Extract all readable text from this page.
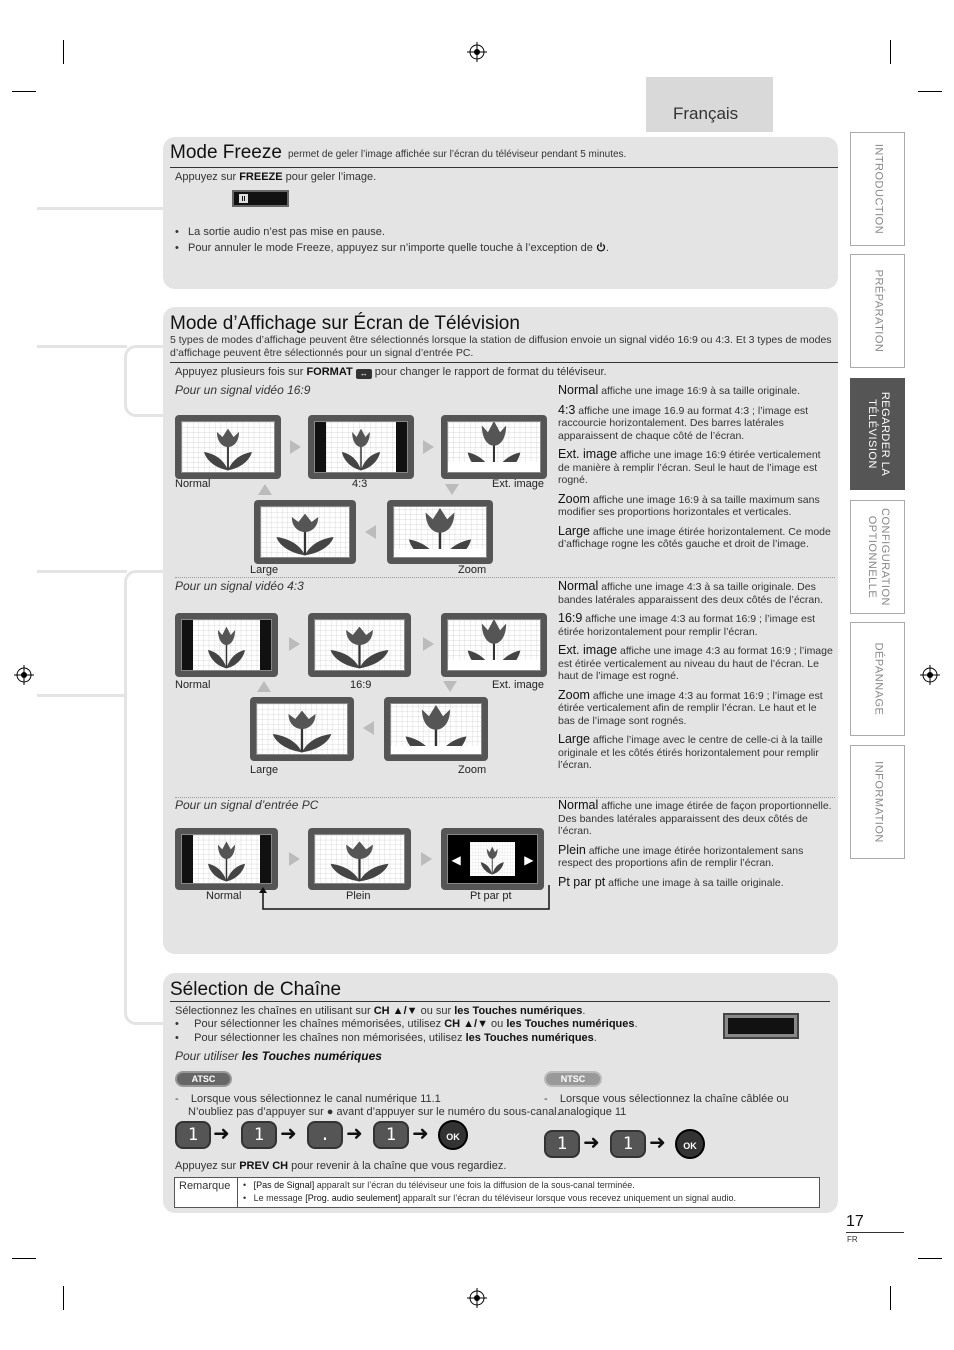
Français
INTRODUCTION
PRÉPARATION
REGARDER LA TÉLÉVISION
CONFIGURATION OPTIONNELLE
DÉPANNAGE
INFORMATION
Mode Freeze permet de geler l’image affichée sur l’écran du téléviseur pendant 5 minutes.
Appuyez sur FREEZE pour geler l’image.
•   La sortie audio n’est pas mise en pause.
•   Pour annuler le mode Freeze, appuyez sur n’importe quelle touche à l’exception de .
Mode d’Affichage sur Écran de Télévision
5 types de modes d’affichage peuvent être sélectionnés lorsque la station de diffusion envoie un signal vidéo 16:9 ou 4:3. Et 3 types de modes d’affichage peuvent être sélectionnés pour un signal d’entrée PC.
Appuyez plusieurs fois sur FORMAT ↔ pour changer le rapport de format du téléviseur.
Pour un signal vidéo 16:9
Pour un signal vidéo 4:3
Pour un signal d’entrée PC
Normal	4:3	Ext. image
Large	Zoom
Normal	16:9	Ext. image
Large	Zoom
◀	▶
Normal	Plein	Pt par pt
Normal affiche une image 16:9 à sa taille originale.
4:3 affiche une image 16.9 au format 4:3 ; l’image est raccourcie horizontalement. Des barres latérales apparaissent de chaque côté de l’écran.
Ext. image affiche une image 16:9 étirée verticalement de manière à remplir l’écran. Seul le haut de l’image est rogné.
Zoom affiche une image 16:9 à sa taille maximum sans modifier ses proportions horizontales et verticales.
Large affiche une image étirée horizontalement. Ce mode d’affichage rogne les côtés gauche et droit de l’image.
Normal affiche une image 4:3 à sa taille originale. Des bandes latérales apparaissent des deux côtés de l’écran.
16:9 affiche une image 4:3 au format 16:9 ; l’image est étirée horizontalement pour remplir l’écran.
Ext. image affiche une image 4:3 au format 16:9 ; l’image est étirée verticalement au niveau du haut de l’écran. Le haut de l’image est rogné.
Zoom affiche une image 4:3 au format 16:9 ; l’image est étirée verticalement afin de remplir l’écran. Le haut et le bas de l’image sont rognés.
Large affiche l’image avec le centre de celle-ci à la taille originale et les côtés étirés horizontalement pour remplir l’écran.
Normal affiche une image étirée de façon proportionnelle. Des bandes latérales apparaissent des deux côtés de l’écran.
Plein affiche une image étirée horizontalement sans respect des proportions afin de remplir l’écran.
Pt par pt affiche une image à sa taille originale.
Sélection de Chaîne
Sélectionnez les chaînes en utilisant sur CH ▲/▼ ou sur les Touches numériques.
•     Pour sélectionner les chaînes mémorisées, utilisez CH ▲/▼ ou les Touches numériques.
•     Pour sélectionner les chaînes non mémorisées, utilisez les Touches numériques.
Pour utiliser les Touches numériques
ATSC	NTSC
-    Lorsque vous sélectionnez le canal numérique 11.1
N’oubliez pas d’appuyer sur ● avant d’appuyer sur le numéro du sous-canal.
-    Lorsque vous sélectionnez la chaîne câblée ou
analogique 11
1 ➜	1 ➜	. ➜	1 ➜	OK	1 ➜	1 ➜	OK
Appuyez sur PREV CH pour revenir à la chaîne que vous regardiez.
Remarque	•   [Pas de Signal] apparaît sur l’écran du téléviseur une fois la diffusion de la sous-canal terminée.
•   Le message [Prog. audio seulement] apparaît sur l’écran du téléviseur lorsque vous recevez uniquement un signal audio.
17
FR
